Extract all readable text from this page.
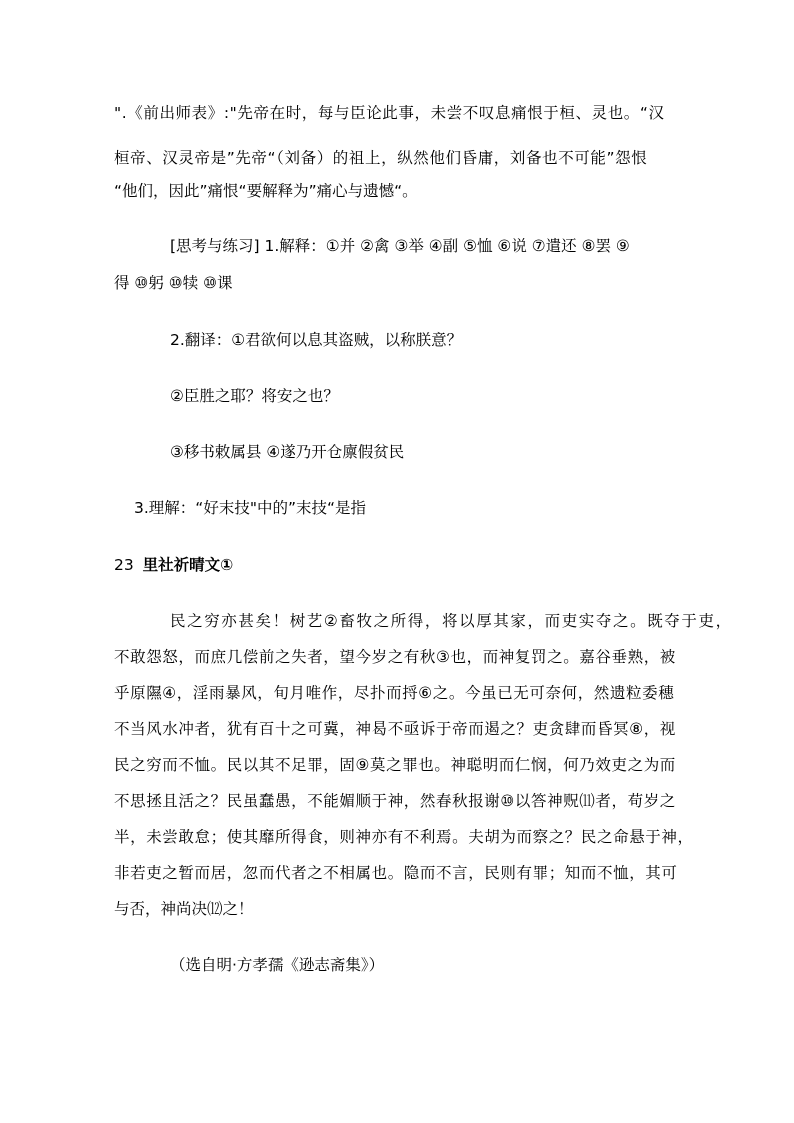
".《前出师表》:"先帝在时，每与臣论此事，未尝不叹息痛恨于桓、灵也。“汉
桓帝、汉灵帝是”先帝“（刘备）的祖上，纵然他们昏庸，刘备也不可能”怨恨
“他们，因此”痛恨“要解释为”痛心与遗憾“。
[思考与练习] 1.解释：①并 ②禽 ③举 ④副 ⑤恤 ⑥说 ⑦遣还 ⑧罢 ⑨
得 ⑩躬 ⑩犊 ⑩课
2.翻译：①君欲何以息其盗贼，以称朕意？
②臣胜之耶？将安之也？
③移书敕属县 ④遂乃开仓廪假贫民
3.理解：“好末技"中的”末技“是指
23 里社祈晴文①
民之穷亦甚矣！树艺②畜牧之所得，将以厚其家，而吏实夺之。既夺于吏，
不敢怨怒，而庶几偿前之失者，望今岁之有秋③也，而神复罚之。嘉谷垂熟，被
乎原隰④，淫雨暴风，旬月唯作，尽扑而捋⑥之。今虽已无可奈何，然遗粒委穗
不当风水冲者，犹有百十之可冀，神曷不亟诉于帝而遏之？吏贪肆而昏冥⑧，视
民之穷而不恤。民以其不足罪，固⑨莫之罪也。神聪明而仁悯，何乃效吏之为而
不思拯且活之？民虽蠢愚，不能媚顺于神，然春秋报谢⑩以答神贶⑾者，苟岁之
半，未尝敢怠；使其靡所得食，则神亦有不利焉。夫胡为而察之？民之命悬于神，
非若吏之暂而居，忽而代者之不相属也。隐而不言，民则有罪；知而不恤，其可
与否，神尚决⑿之！
（选自明·方孝孺《逊志斋集》）
